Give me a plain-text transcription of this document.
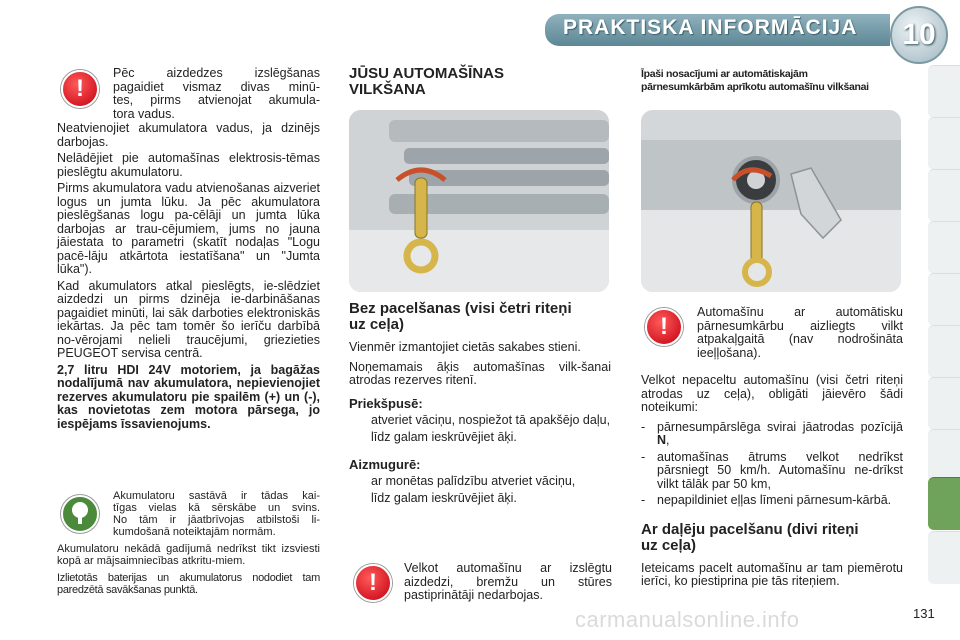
PRAKTISKA INFORMĀCIJA	10
!

Pēc aizdedzes izslēgšanas

pagaidiet vismaz divas minū-

tes, pirms atvienojat akumula-

tora vadus.

Neatvienojiet akumulatora vadus, ja dzinējs darbojas.

Nelādējiet pie automašīnas elektrosis-tēmas pieslēgtu akumulatoru.

Pirms akumulatora vadu atvienošanas aizveriet logus un jumta lūku. Ja pēc akumulatora pieslēgšanas logu pa-cēlāji un jumta lūka darbojas ar trau-cējumiem, jums no jauna jāiestata to parametri (skatīt nodaļas "Logu pacē-lāju atkārtota iestatīšana" un "Jumta lūka").

Kad akumulators atkal pieslēgts, ie-slēdziet aizdedzi un pirms dzinēja ie-darbināšanas pagaidiet minūti, lai sāk darboties elektroniskās iekārtas. Ja pēc tam tomēr šo ierīču darbībā no-vērojami nelieli traucējumi, griezieties PEUGEOT servisa centrā.

2,7 litru HDI 24V motoriem, ja bagāžas nodalījumā nav akumulatora, nepievienojiet rezerves akumulatoru pie spailēm (+) un (-), kas novietotas zem motora pārsega, jo iespējams īssavienojums.

Akumulatoru sastāvā ir tādas kai-

tīgas vielas kā sērskābe un svins.

No tām ir jāatbrīvojas atbilstoši li-

kumdošanā noteiktajām normām.

Akumulatoru nekādā gadījumā nedrīkst tikt izsviesti kopā ar mājsaimniecības atkritu-miem.

Izlietotās baterijas un akumulatorus nododiet tam paredzētā savākšanas punktā.

JŪSU AUTOMAŠĪNAS
VILKŠANA
Bez pacelšanas (visi četri riteņi
uz ceļa)

Vienmēr izmantojiet cietās sakabes stieni.

Noņemamais āķis automašīnas vilk-šanai atrodas rezerves ritenī.

Priekšpusē:
atveriet vāciņu, nospiežot tā apakšējo daļu,
līdz galam ieskrūvējiet āķi.
Aizmugurē:
ar monētas palīdzību atveriet vāciņu,
līdz galam ieskrūvējiet āķi.
!

Velkot automašīnu ar izslēgtu aizdedzi, bremžu un stūres pastiprinātāji nedarbojas.

Īpaši nosacījumi ar automātiskajām
pārnesumkārbām aprīkotu automašīnu vilkšanai
!

Automašīnu ar automātisku pārnesumkārbu aizliegts vilkt atpakaļgaitā (nav nodrošināta ieeļļošana).

Velkot nepaceltu automašīnu (visi četri riteņi atrodas uz ceļa), obligāti jāievēro šādi noteikumi:

- pārnesumpārslēga svirai jāatrodas pozīcijā N,
- automašīnas ātrums velkot nedrīkst pārsniegt 50 km/h. Automašīnu ne-drīkst vilkt tālāk par 50 km,
- nepapildiniet eļļas līmeni pārnesum-kārbā.
Ar daļēju pacelšanu (divi riteņi
uz ceļa)

Ieteicams pacelt automašīnu ar tam piemērotu ierīci, ko piestiprina pie tās riteņiem.

carmanualsonline.info	131
